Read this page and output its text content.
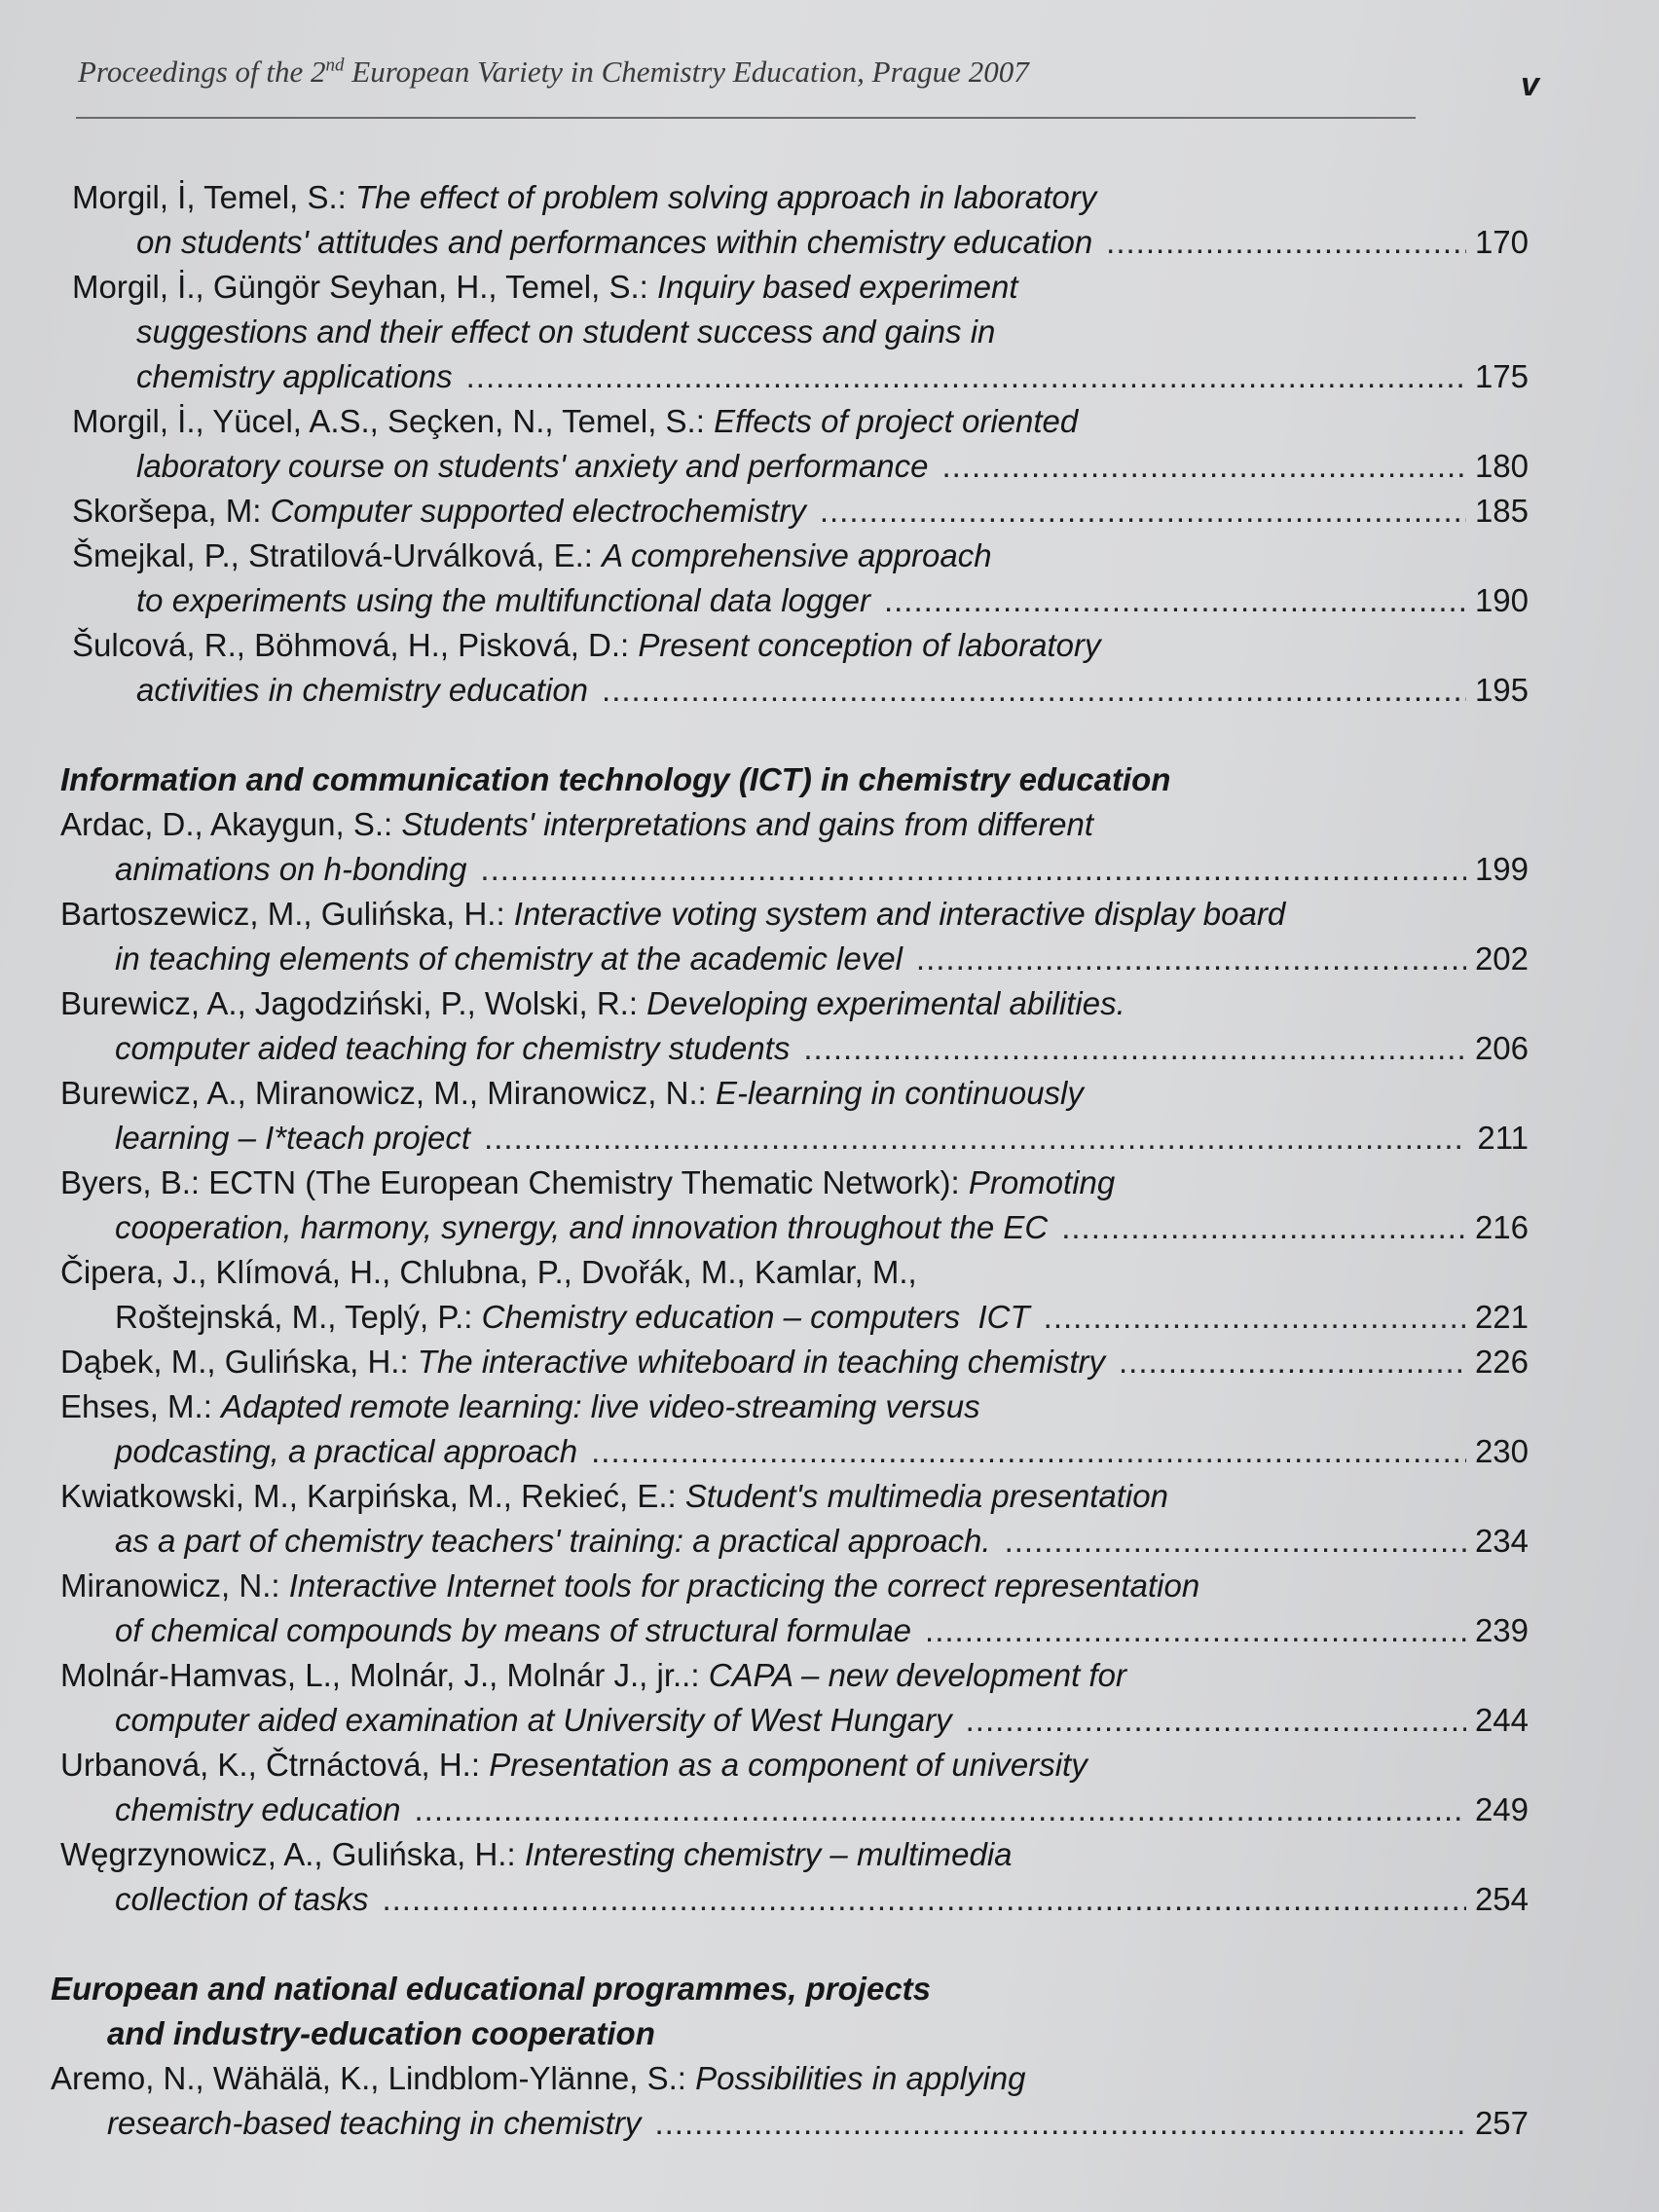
Proceedings of the 2nd European Variety in Chemistry Education, Prague 2007	v
Morgil, İ, Temel, S.: The effect of problem solving approach in laboratory
on students' attitudes and performances within chemistry education .....	170
Morgil, İ., Güngör Seyhan, H., Temel, S.: Inquiry based experiment
suggestions and their effect on student success and gains in
chemistry applications .....	175
Morgil, İ., Yücel, A.S., Seçken, N., Temel, S.: Effects of project oriented
laboratory course on students' anxiety and performance .....	180
Skoršepa, M: Computer supported electrochemistry .....	185
Šmejkal, P., Stratilová-Urválková, E.: A comprehensive approach
to experiments using the multifunctional data logger .....	190
Šulcová, R., Böhmová, H., Pisková, D.: Present conception of laboratory
activities in chemistry education .....	195
Information and communication technology (ICT) in chemistry education
Ardac, D., Akaygun, S.: Students' interpretations and gains from different
animations on h-bonding .....	199
Bartoszewicz, M., Gulińska, H.: Interactive voting system and interactive display board
in teaching elements of chemistry at the academic level .....	202
Burewicz, A., Jagodziński, P., Wolski, R.: Developing experimental abilities.
computer aided teaching for chemistry students .....	206
Burewicz, A., Miranowicz, M., Miranowicz, N.: E-learning in continuously
learning – I*teach project .....	211
Byers, B.: ECTN (The European Chemistry Thematic Network): Promoting
cooperation, harmony, synergy, and innovation throughout the EC .....	216
Čipera, J., Klímová, H., Chlubna, P., Dvořák, M., Kamlar, M.,
Roštejnská, M., Teplý, P.: Chemistry education – computers  ICT .....	221
Dąbek, M., Gulińska, H.: The interactive whiteboard in teaching chemistry .....	226
Ehses, M.: Adapted remote learning: live video-streaming versus
podcasting, a practical approach .....	230
Kwiatkowski, M., Karpińska, M., Rekieć, E.: Student's multimedia presentation
as a part of chemistry teachers' training: a practical approach. .....	234
Miranowicz, N.: Interactive Internet tools for practicing the correct representation
of chemical compounds by means of structural formulae .....	239
Molnár-Hamvas, L., Molnár, J., Molnár J., jr..: CAPA – new development for
computer aided examination at University of West Hungary .....	244
Urbanová, K., Čtrnáctová, H.: Presentation as a component of university
chemistry education .....	249
Węgrzynowicz, A., Gulińska, H.: Interesting chemistry – multimedia
collection of tasks .....	254
European and national educational programmes, projects
and industry-education cooperation
Aremo, N., Wähälä, K., Lindblom-Ylänne, S.: Possibilities in applying
research-based teaching in chemistry .....	257
